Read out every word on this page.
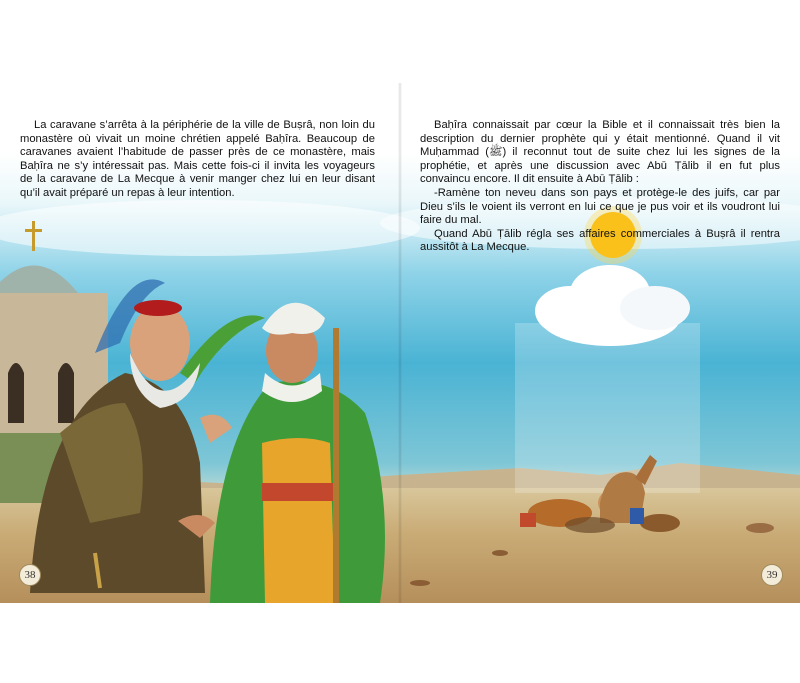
La caravane s’arrêta à la périphérie de la ville de Buṣrâ, non loin du monastère où vivait un moine chrétien appelé Baḥîra. Beaucoup de caravanes avaient l’habitude de passer près de ce monastère, mais Baḥîra ne s’y intéressait pas. Mais cette fois-ci il invita les voyageurs de la caravane de La Mecque à venir manger chez lui en leur disant qu’il avait préparé un repas à leur intention.

Baḥîra connaissait par cœur la Bible et il connaissait très bien la description du dernier prophète qui y était mentionné. Quand il vit Muḥammad (ﷺ) il reconnut tout de suite chez lui les signes de la prophétie, et après une discussion avec Abū Ṭālib il en fut plus convaincu encore. Il dit ensuite à Abū Ṭālib :

-Ramène ton neveu dans son pays et protège-le des juifs, car par Dieu s’ils le voient ils verront en lui ce que je pus voir et ils voudront lui faire du mal.

Quand Abū Ṭālib régla ses affaires commerciales à Buṣrâ il rentra aussitôt à La Mecque.

38	39
